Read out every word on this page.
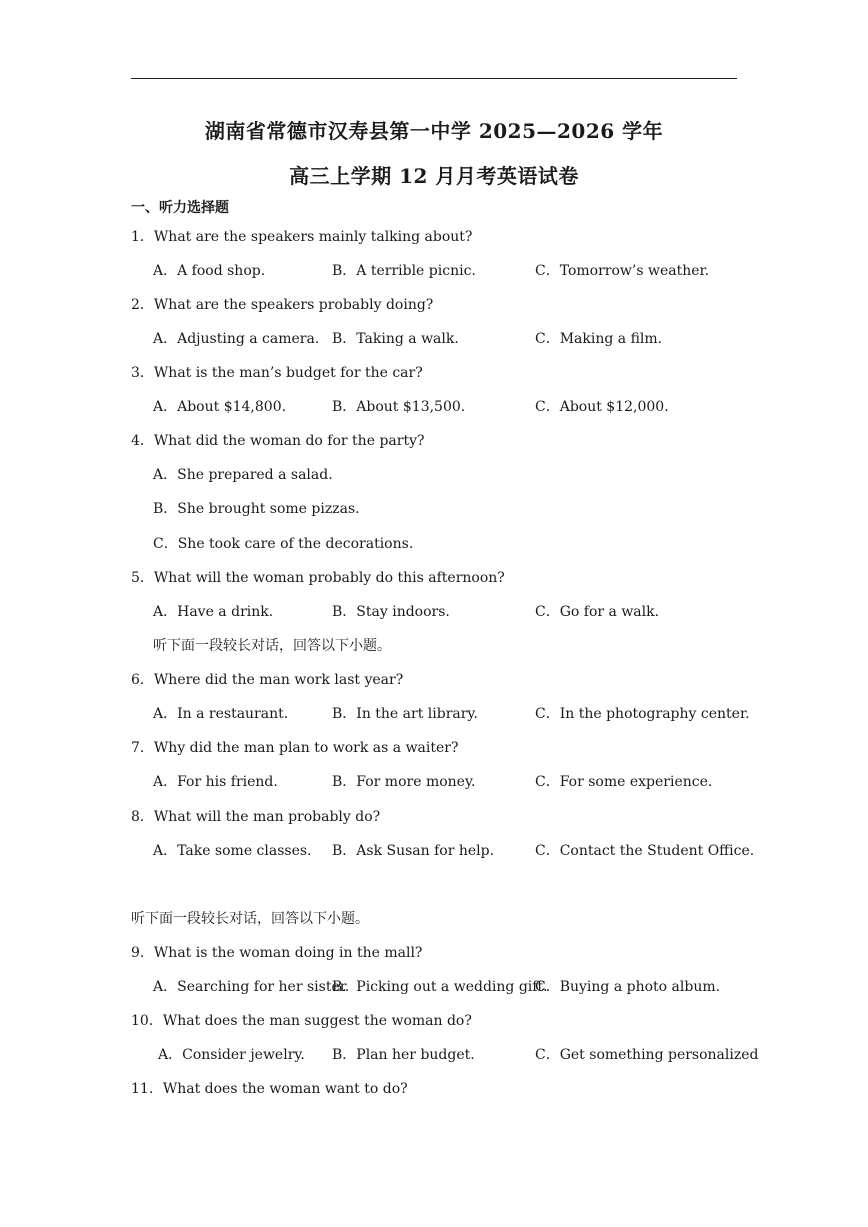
湖南省常德市汉寿县第一中学 2025—2026 学年
高三上学期 12 月月考英语试卷
一、听力选择题
1．What are the speakers mainly talking about?
A．A food shop.	B．A terrible picnic.	C．Tomorrow’s weather.
2．What are the speakers probably doing?
A．Adjusting a camera. B．Taking a walk.	C．Making a film.
3．What is the man’s budget for the car?
A．About $14,800.	B．About $13,500.	C．About $12,000.
4．What did the woman do for the party?
A．She prepared a salad.
B．She brought some pizzas.
C．She took care of the decorations.
5．What will the woman probably do this afternoon?
A．Have a drink.	B．Stay indoors.	C．Go for a walk.
听下面一段较长对话，回答以下小题。
6．Where did the man work last year?
A．In a restaurant.	B．In the art library.	C．In the photography center.
7．Why did the man plan to work as a waiter?
A．For his friend.	B．For more money.	C．For some experience.
8．What will the man probably do?
A．Take some classes. B．Ask Susan for help.	C．Contact the Student Office.
听下面一段较长对话，回答以下小题。
9．What is the woman doing in the mall?
A．Searching for her sister.
B．Picking out a wedding gift.
C．Buying a photo album.
10．What does the man suggest the woman do?
A．Consider jewelry. B．Plan her budget.	C．Get something personalized
11．What does the woman want to do?
